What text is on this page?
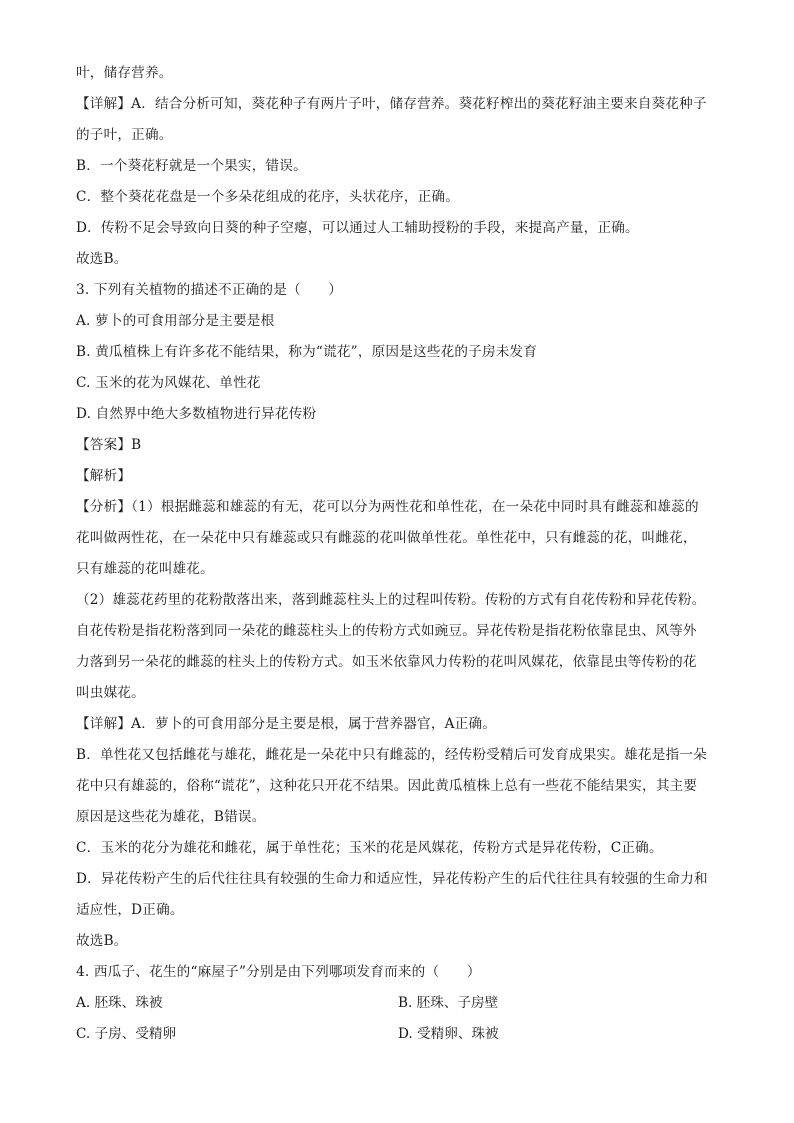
叶，储存营养。
【详解】A．结合分析可知，葵花种子有两片子叶，储存营养。葵花籽榨出的葵花籽油主要来自葵花种子
的子叶，正确。
B．一个葵花籽就是一个果实，错误。
C．整个葵花花盘是一个多朵花组成的花序，头状花序，正确。
D．传粉不足会导致向日葵的种子空瘪，可以通过人工辅助授粉的手段，来提高产量，正确。
故选B。
3. 下列有关植物的描述不正确的是（　　）
A. 萝卜的可食用部分是主要是根
B. 黄瓜植株上有许多花不能结果，称为“谎花”，原因是这些花的子房未发育
C. 玉米的花为风媒花、单性花
D. 自然界中绝大多数植物进行异花传粉
【答案】B
【解析】
【分析】（1）根据雌蕊和雄蕊的有无，花可以分为两性花和单性花，在一朵花中同时具有雌蕊和雄蕊的
花叫做两性花，在一朵花中只有雄蕊或只有雌蕊的花叫做单性花。单性花中，只有雌蕊的花，叫雌花，
只有雄蕊的花叫雄花。
（2）雄蕊花药里的花粉散落出来，落到雌蕊柱头上的过程叫传粉。传粉的方式有自花传粉和异花传粉。
自花传粉是指花粉落到同一朵花的雌蕊柱头上的传粉方式如豌豆。异花传粉是指花粉依靠昆虫、风等外
力落到另一朵花的雌蕊的柱头上的传粉方式。如玉米依靠风力传粉的花叫风媒花，依靠昆虫等传粉的花
叫虫媒花。
【详解】A．萝卜的可食用部分是主要是根，属于营养器官，A正确。
B．单性花又包括雌花与雄花，雌花是一朵花中只有雌蕊的，经传粉受精后可发育成果实。雄花是指一朵
花中只有雄蕊的，俗称“谎花”，这种花只开花不结果。因此黄瓜植株上总有一些花不能结果实，其主要
原因是这些花为雄花，B错误。
C．玉米的花分为雄花和雌花，属于单性花；玉米的花是风媒花，传粉方式是异花传粉，C正确。
D．异花传粉产生的后代往往具有较强的生命力和适应性，异花传粉产生的后代往往具有较强的生命力和
适应性，D正确。
故选B。
4. 西瓜子、花生的“麻屋子”分别是由下列哪项发育而来的（　　）
A. 胚珠、珠被	B. 胚珠、子房壁
C. 子房、受精卵	D. 受精卵、珠被
